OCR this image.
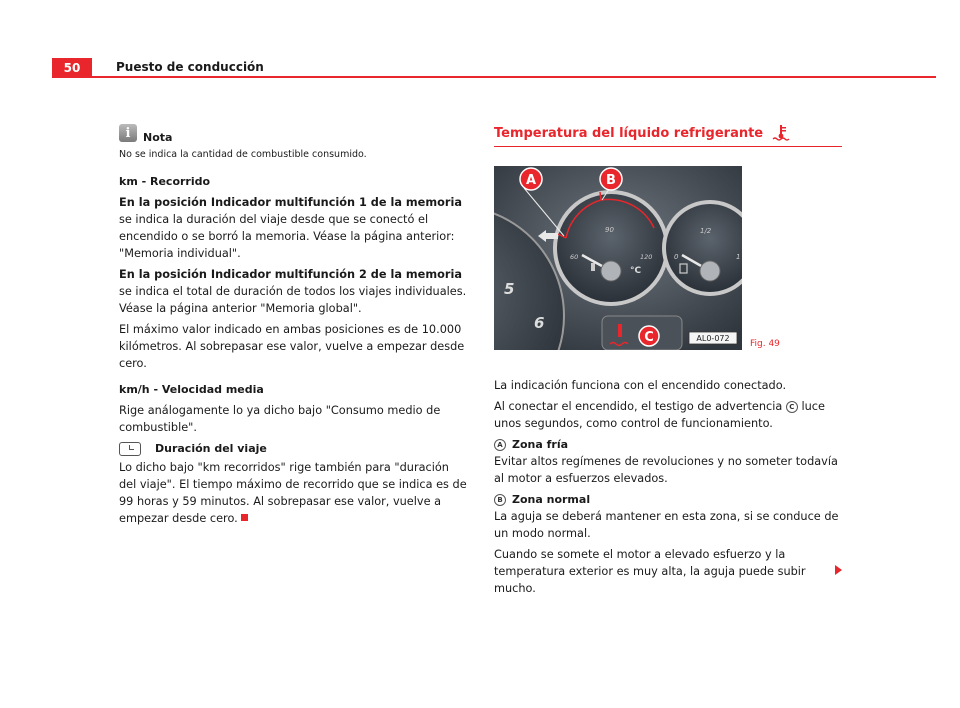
50	Puesto de conducción
i	Nota
No se indica la cantidad de combustible consumido.
km - Recorrido

En la posición Indicador multifunción 1 de la memoria se indica la duración del viaje desde que se conectó el encendido o se borró la memoria. Véase la página anterior: "Memoria individual".

En la posición Indicador multifunción 2 de la memoria se indica el total de duración de todos los viajes individuales. Véase la página anterior "Memoria global".

El máximo valor indicado en ambas posiciones es de 10.000 kilómetros. Al sobrepasar ese valor, vuelve a empezar desde cero.

km/h - Velocidad media

Rige análogamente lo ya dicho bajo "Consumo medio de combustible".

Duración del viaje

Lo dicho bajo "km recorridos" rige también para "duración del viaje". El tiempo máximo de recorrido que se indica es de 99 horas y 59 minutos. Al sobrepasar ese valor, vuelve a empezar desde cero.

Temperatura del líquido refrigerante
5
6
90
60	120
°C
1/2
0	1
A	B
C	AL0-072
Fig. 49

La indicación funciona con el encendido conectado.

Al conectar el encendido, el testigo de advertencia C luce unos segundos, como control de funcionamiento.

A Zona fría

Evitar altos regímenes de revoluciones y no someter todavía al motor a esfuerzos elevados.

B Zona normal

La aguja se deberá mantener en esta zona, si se conduce de un modo normal.

Cuando se somete el motor a elevado esfuerzo y la temperatura exterior es muy alta, la aguja puede subir mucho.
